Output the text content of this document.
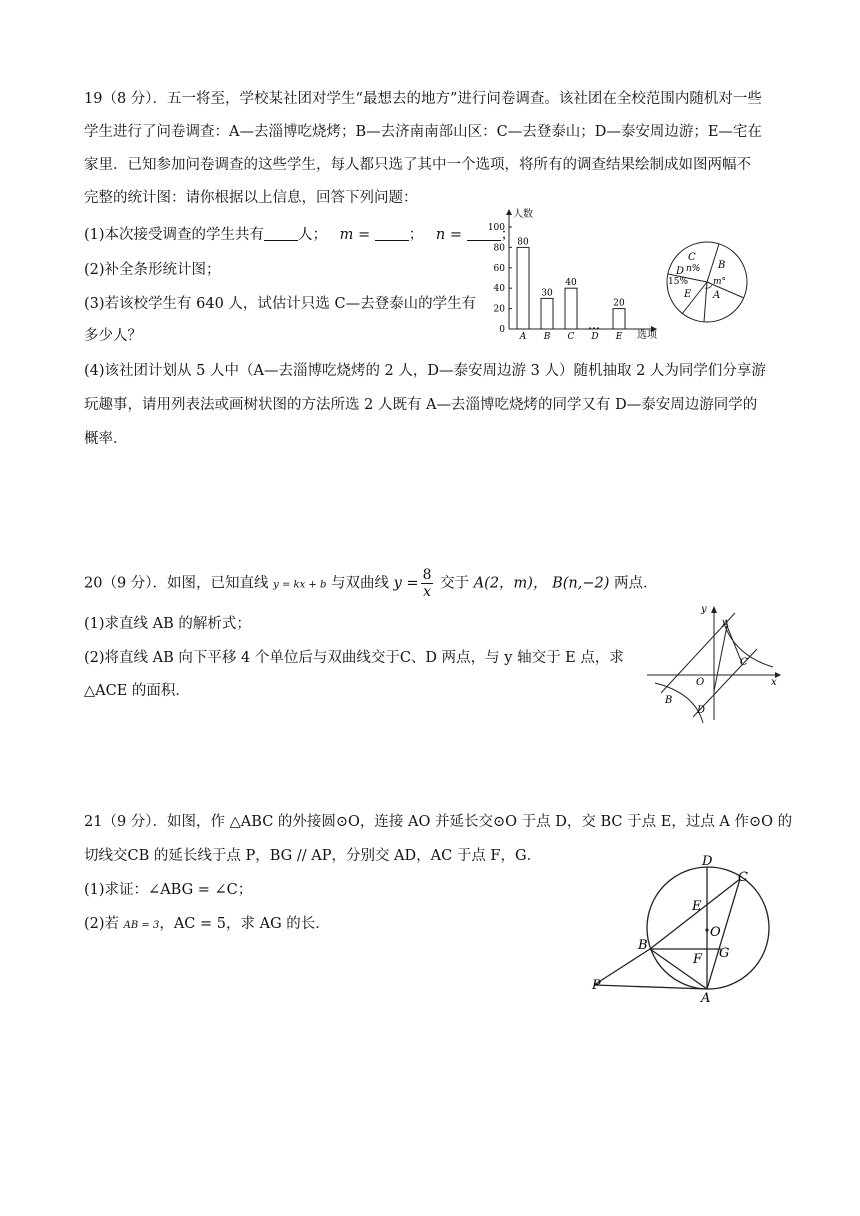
19（8 分）．五一将至，学校某社团对学生“最想去的地方”进行问卷调查。该社团在全校范围内随机对一些
学生进行了问卷调查：A—去淄博吃烧烤；B—去济南南部山区：C—去登泰山；D—泰安周边游；E—宅在
家里．已知参加问卷调查的这些学生，每人都只选了其中一个选项，将所有的调查结果绘制成如图两幅不
完整的统计图：请你根据以上信息，回答下列问题：
(1)本次接受调查的学生共有 人； m = ； n = ；
(2)补全条形统计图；
(3)若该校学生有 640 人，试估计只选 C—去登泰山的学生有
多少人？
(4)该社团计划从 5 人中（A—去淄博吃烧烤的 2 人，D—泰安周边游 3 人）随机抽取 2 人为同学们分享游
玩趣事，请用列表法或画树状图的方法所选 2 人既有 A—去淄博吃烧烤的同学又有 D—泰安周边游同学的
概率．
0
20
40
60
80
100
80
A
30
B
40
C D
20
E
人数
选项
B
C
n%
D
15%
E
m°
A
20（9 分）．如图，已知直线 y = kx + b 与双曲线 $y = \frac{8}{x}$ 交于 A(2，m)， B(n,−2) 两点．
(1)求直线 AB 的解析式；
(2)将直线 AB 向下平移 4 个单位后与双曲线交于C、D 两点，与 y 轴交于 E 点，求
△ACE 的面积．
y
x
A
C
O
B
D
21（9 分）．如图，作 △ABC 的外接圆⊙O，连接 AO 并延长交⊙O 于点 D，交 BC 于点 E，过点 A 作⊙O 的
切线交CB 的延长线于点 P，BG // AP，分别交 AD，AC 于点 F，G．
(1)求证：∠ABG = ∠C；
(2)若 AB = 3，AC = 5，求 AG 的长．
D
C
E
O
B
G
F
P
A
